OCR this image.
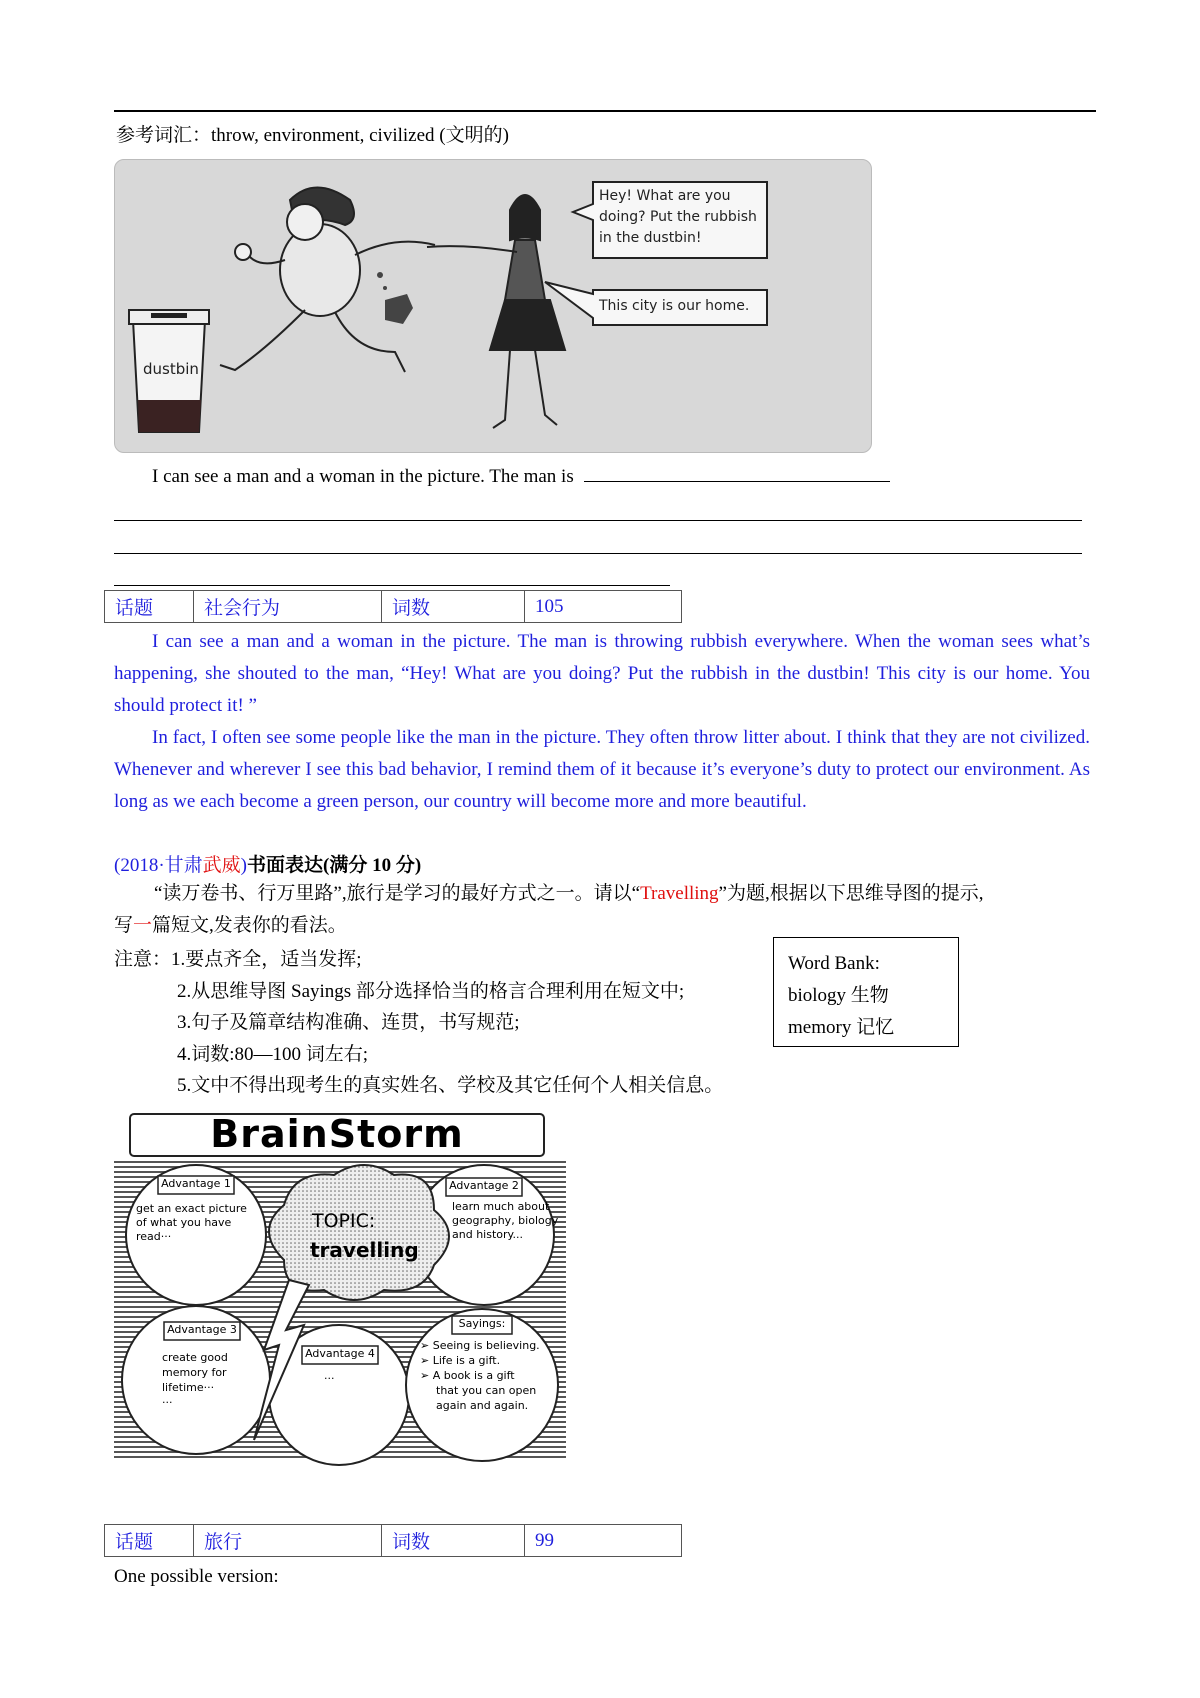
参考词汇：throw, environment, civilized (文明的)

dustbin
Hey! What are you doing? Put the rubbish in the dustbin!
This city is our home.
I can see a man and a woman in the picture. The man is
话题	社会行为	词数	105

I can see a man and a woman in the picture. The man is throwing rubbish everywhere. When the woman sees what’s happening, she shouted to the man, “Hey! What are you doing? Put the rubbish in the dustbin! This city is our home. You should protect it! ”

In fact, I often see some people like the man in the picture. They often throw litter about. I think that they are not civilized. Whenever and wherever I see this bad behavior, I remind them of it because it’s everyone’s duty to protect our environment. As long as we each become a green person, our country will become more and more beautiful.

(2018·甘肃武威)书面表达(满分 10 分)

“读万卷书、行万里路”,旅行是学习的最好方式之一。请以“Travelling”为题,根据以下思维导图的提示,

写一篇短文,发表你的看法。

注意：1.要点齐全，适当发挥;
2.从思维导图 Sayings 部分选择恰当的格言合理利用在短文中;
3.句子及篇章结构准确、连贯，书写规范;
4.词数:80—100 词左右;
5.文中不得出现考生的真实姓名、学校及其它任何个人相关信息。
Word Bank:
biology 生物
memory 记忆
BrainStorm
Advantage 1
get an exact picture
of what you have
read···
Advantage 2
learn much about
geography, biology
and history...
TOPIC:
travelling
Advantage 3
create good
memory for
lifetime···
···
Advantage 4
···
Sayings:
➢ Seeing is believing.
➢ Life is a gift.
➢ A book is a gift
that you can open
again and again.
话题	旅行	词数	99

One possible version:
